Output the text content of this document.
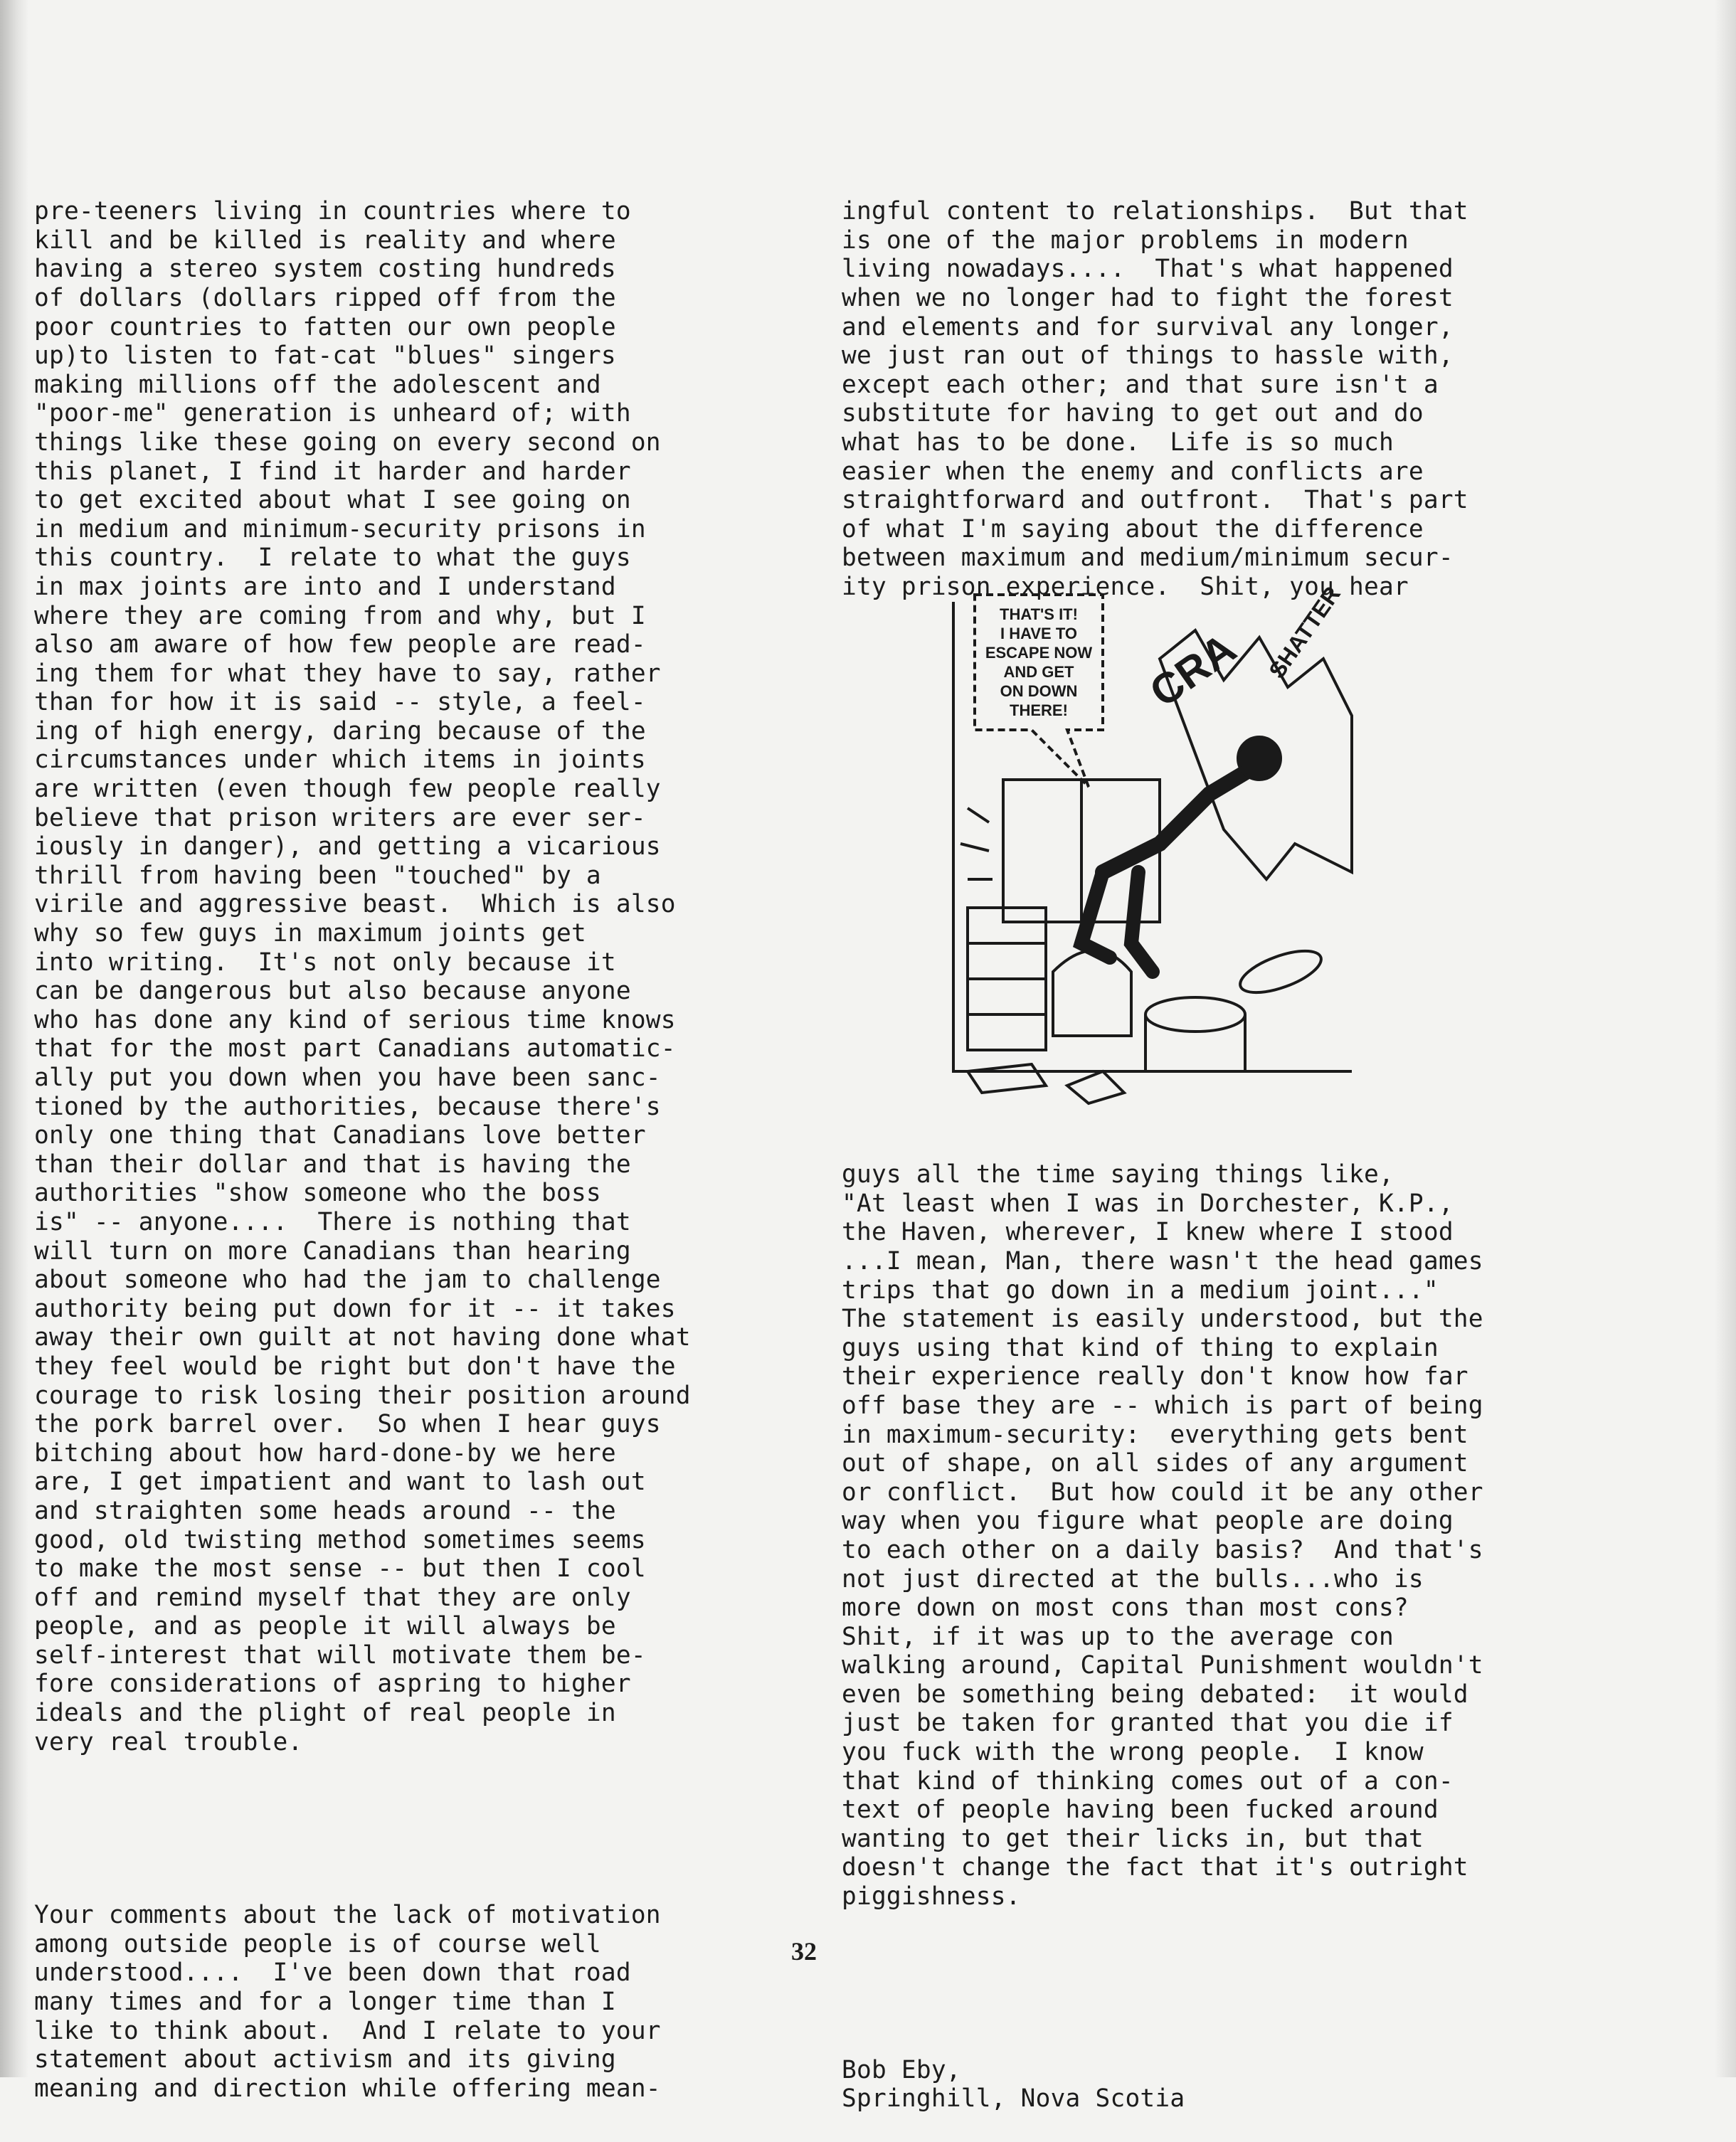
pre-teeners living in countries where to
kill and be killed is reality and where
having a stereo system costing hundreds
of dollars (dollars ripped off from the
poor countries to fatten our own people
up)to listen to fat-cat "blues" singers
making millions off the adolescent and
"poor-me" generation is unheard of; with
things like these going on every second on
this planet, I find it harder and harder
to get excited about what I see going on
in medium and minimum-security prisons in
this country.  I relate to what the guys
in max joints are into and I understand
where they are coming from and why, but I
also am aware of how few people are read-
ing them for what they have to say, rather
than for how it is said -- style, a feel-
ing of high energy, daring because of the
circumstances under which items in joints
are written (even though few people really
believe that prison writers are ever ser-
iously in danger), and getting a vicarious
thrill from having been "touched" by a
virile and aggressive beast.  Which is also
why so few guys in maximum joints get
into writing.  It's not only because it
can be dangerous but also because anyone
who has done any kind of serious time knows
that for the most part Canadians automatic-
ally put you down when you have been sanc-
tioned by the authorities, because there's
only one thing that Canadians love better
than their dollar and that is having the
authorities "show someone who the boss
is" -- anyone....  There is nothing that
will turn on more Canadians than hearing
about someone who had the jam to challenge
authority being put down for it -- it takes
away their own guilt at not having done what
they feel would be right but don't have the
courage to risk losing their position around
the pork barrel over.  So when I hear guys
bitching about how hard-done-by we here
are, I get impatient and want to lash out
and straighten some heads around -- the
good, old twisting method sometimes seems
to make the most sense -- but then I cool
off and remind myself that they are only
people, and as people it will always be
self-interest that will motivate them be-
fore considerations of aspring to higher
ideals and the plight of real people in
very real trouble.

Your comments about the lack of motivation
among outside people is of course well
understood....  I've been down that road
many times and for a longer time than I
like to think about.  And I relate to your
statement about activism and its giving
meaning and direction while offering mean-

ingful content to relationships.  But that
is one of the major problems in modern
living nowadays....  That's what happened
when we no longer had to fight the forest
and elements and for survival any longer,
we just ran out of things to hassle with,
except each other; and that sure isn't a
substitute for having to get out and do
what has to be done.  Life is so much
easier when the enemy and conflicts are
straightforward and outfront.  That's part
of what I'm saying about the difference
between maximum and medium/minimum secur-
ity prison experience.  Shit, you hear

THAT'S IT!
I HAVE TO
ESCAPE NOW
AND GET
ON DOWN
THERE! CRA SHATTER

guys all the time saying things like,
"At least when I was in Dorchester, K.P.,
the Haven, wherever, I knew where I stood
...I mean, Man, there wasn't the head games
trips that go down in a medium joint..."
The statement is easily understood, but the
guys using that kind of thing to explain
their experience really don't know how far
off base they are -- which is part of being
in maximum-security:  everything gets bent
out of shape, on all sides of any argument
or conflict.  But how could it be any other
way when you figure what people are doing
to each other on a daily basis?  And that's
not just directed at the bulls...who is
more down on most cons than most cons?
Shit, if it was up to the average con
walking around, Capital Punishment wouldn't
even be something being debated:  it would
just be taken for granted that you die if
you fuck with the wrong people.  I know
that kind of thinking comes out of a con-
text of people having been fucked around
wanting to get their licks in, but that
doesn't change the fact that it's outright
piggishness.

Bob Eby,
Springhill, Nova Scotia

32
